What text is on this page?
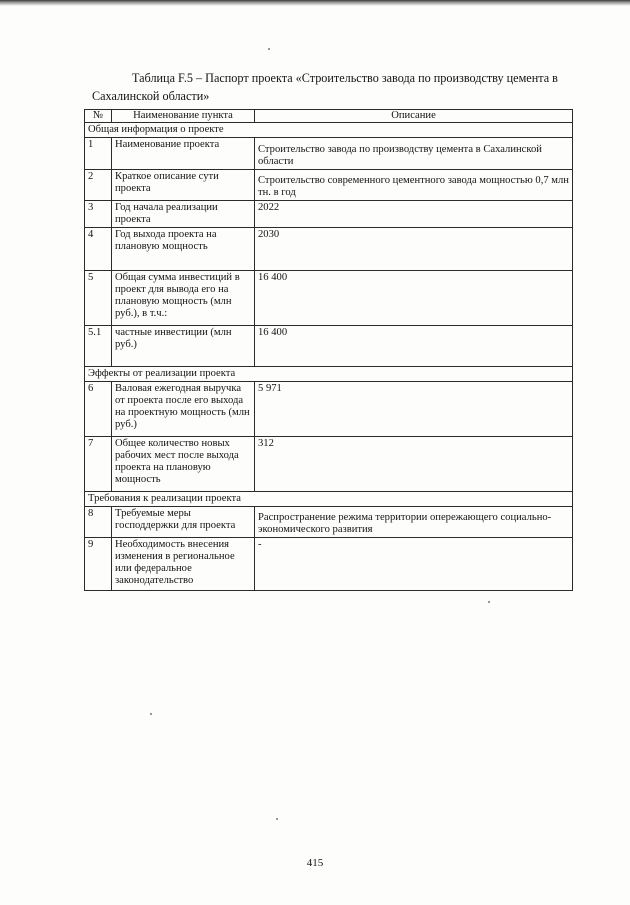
Таблица F.5 – Паспорт проекта «Строительство завода по производству цемента в
Сахалинской области»
№	Наименование пункта	Описание
Общая информация о проекте		
1	Наименование проекта	Строительство завода по производству цемента в Сахалинской области
2	Краткое описание сути проекта	Строительство современного цементного завода мощностью 0,7 млн тн. в год
3	Год начала реализации проекта	2022
4	Год выхода проекта на плановую мощность	2030
5	Общая сумма инвестиций в проект для вывода его на плановую мощность (млн руб.), в т.ч.:	16 400
5.1	частные инвестиции (млн руб.)	16 400
Эффекты от реализации проекта		
6	Валовая ежегодная выручка от проекта после его выхода на проектную мощность (млн руб.)	5 971
7	Общее количество новых рабочих мест после выхода проекта на плановую мощность	312
Требования к реализации проекта		
8	Требуемые меры господдержки для проекта	Распространение режима территории опережающего социально-экономического развития
9	Необходимость внесения изменения в региональное или федеральное законодательство	-
415
